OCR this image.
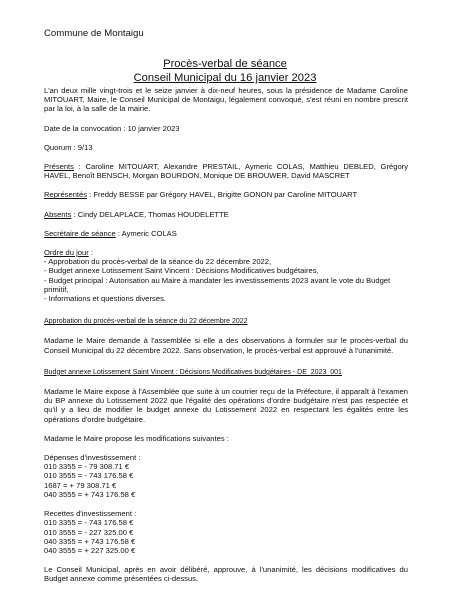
Commune de Montaigu
Procès-verbal de séance
Conseil Municipal du 16 janvier 2023

L'an deux mille vingt-trois et le seize janvier à dix-neuf heures, sous la présidence de Madame Caroline MITOUART, Maire, le Conseil Municipal de Montaigu, légalement convoqué, s'est réuni en nombre prescrit par la loi, à la salle de la mairie.

Date de la convocation : 10 janvier 2023

Quorum : 9/13

Présents : Caroline MITOUART, Alexandre PRESTAIL, Aymeric COLAS, Matthieu DEBLED, Grégory HAVEL, Benoît BENSCH, Morgan BOURDON, Monique DE BROUWER, David MASCRET

Représentés : Freddy BESSE par Grégory HAVEL, Brigitte GONON par Caroline MITOUART

Absents : Cindy DELAPLACE, Thomas HOUDELETTE

Secrétaire de séance : Aymeric COLAS

Ordre du jour :

- Approbation du procès-verbal de la séance du 22 décembre 2022,

- Budget annexe Lotissement Saint Vincent : Décisions Modificatives budgétaires,

- Budget principal : Autorisation au Maire à mandater les investissements 2023 avant le vote du Budget primitif,

- Informations et questions diverses.

Approbation du procès-verbal de la séance du 22 décembre 2022

Madame le Maire demande à l'assemblée si elle a des observations à formuler sur le procès-verbal du Conseil Municipal du 22 décembre 2022. Sans observation, le procès-verbal est approuvé à l'unanimité.

Budget annexe Lotissement Saint Vincent : Décisions Modificatives budgétaires - DE_2023_001

Madame le Maire expose à l'Assemblée que suite à un courrier reçu de la Préfecture, il apparaît à l'examen du BP annexe du Lotissement 2022 que l'égalité des opérations d'ordre budgétaire n'est pas respectée et qu'il y a lieu de modifier le budget annexe du Lotissement 2022 en respectant les égalités entre les opérations d'ordre budgétaire.

Madame le Maire propose les modifications suivantes :

Dépenses d'investissement :

010 3355 = - 79 308.71 €

010 3555 = - 743 176.58 €

1687 = + 79 308.71 €

040 3555 = + 743 176.58 €

Recettes d'investissement :

010 3355 = - 743 176.58 €

010 3555 = - 227 325.00 €

040 3355 = + 743 176.58 €

040 3555 = + 227 325.00 €

Le Conseil Municipal, après en avoir délibéré, approuve, à l'unanimité, les décisions modificatives du Budget annexe comme présentées ci-dessus.
